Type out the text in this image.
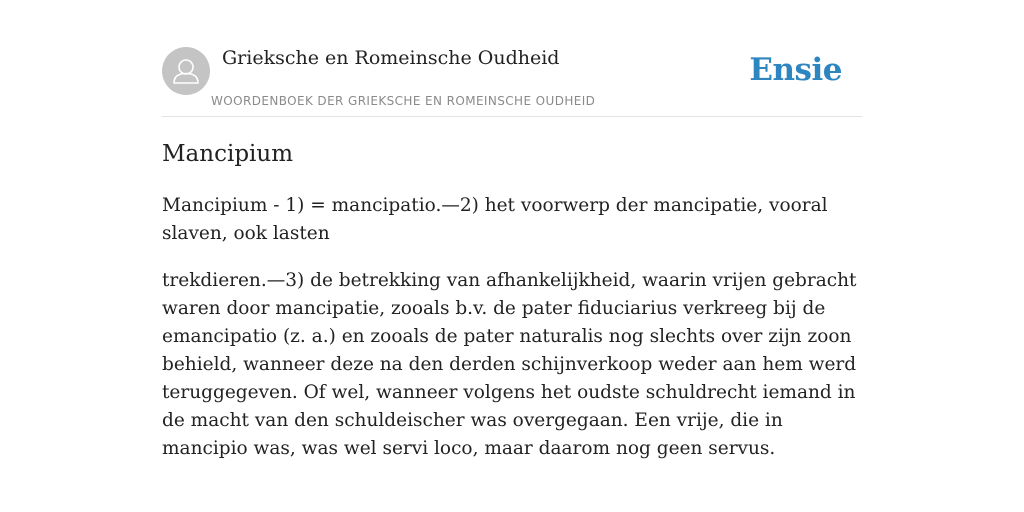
Grieksche en Romeinsche Oudheid
WOORDENBOEK DER GRIEKSCHE EN ROMEINSCHE OUDHEID
Ensie
Mancipium

Mancipium - 1) = mancipatio.—2) het voorwerp der mancipatie, vooral slaven, ook lasten

trekdieren.—3) de betrekking van afhankelijkheid, waarin vrijen gebracht waren door mancipatie, zooals b.v. de pater fiduciarius verkreeg bij de emancipatio (z. a.) en zooals de pater naturalis nog slechts over zijn zoon behield, wanneer deze na den derden schijnverkoop weder aan hem werd teruggegeven. Of wel, wanneer volgens het oudste schuldrecht iemand in de macht van den schuldeischer was overgegaan. Een vrije, die in mancipio was, was wel servi loco, maar daarom nog geen servus.
